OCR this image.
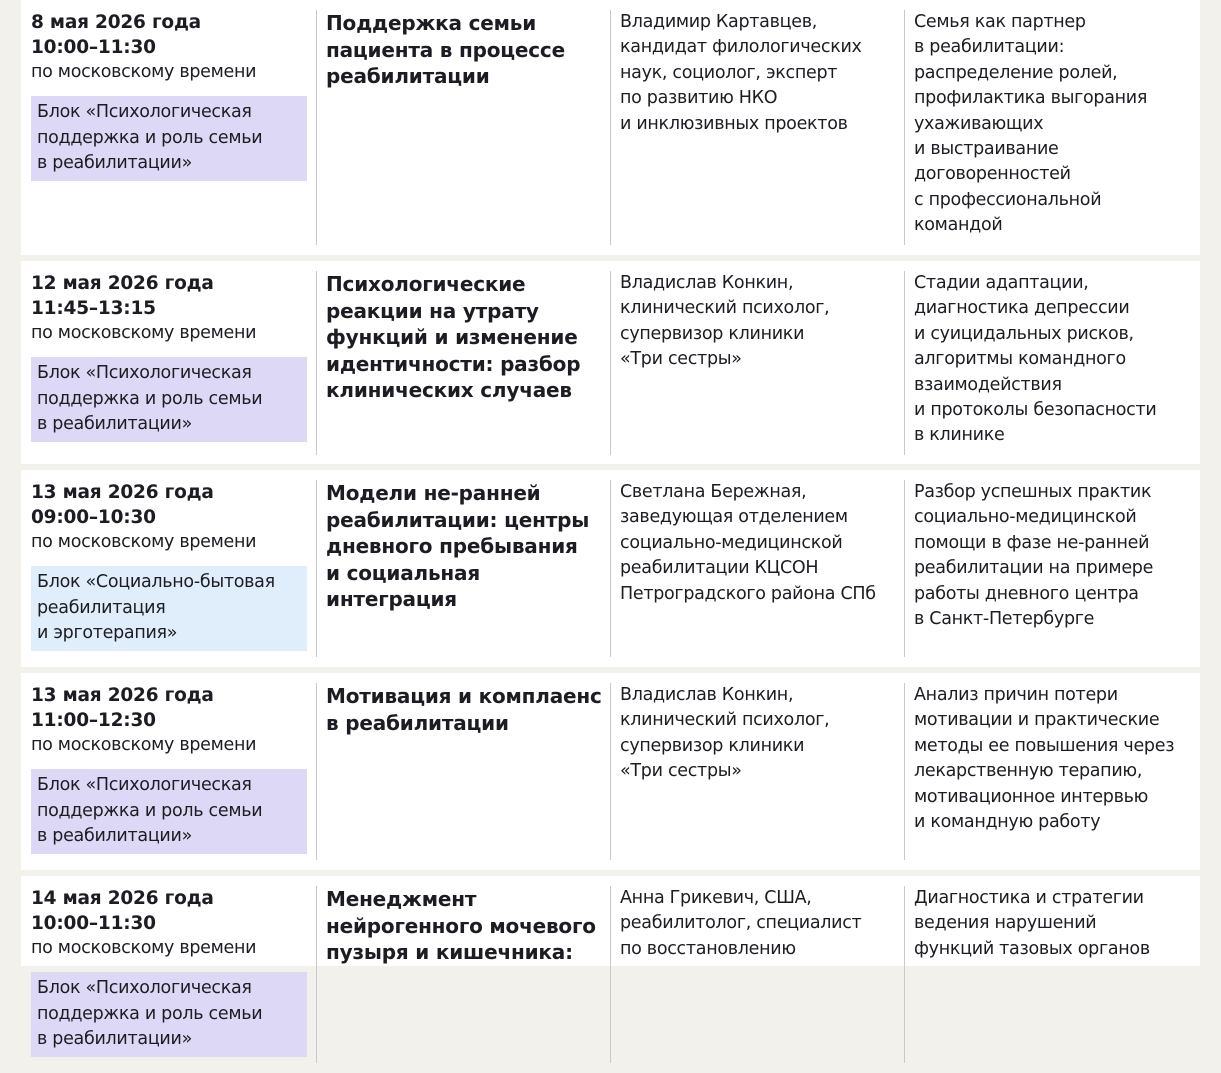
8 мая 2026 года
10:00–11:30
по московскому времени
Блок «Психологическая
поддержка и роль семьи
в реабилитации»
Поддержка семьи
пациента в процессе
реабилитации
Владимир Картавцев,
кандидат филологических
наук, социолог, эксперт
по развитию НКО
и инклюзивных проектов
Семья как партнер
в реабилитации:
распределение ролей,
профилактика выгорания
ухаживающих
и выстраивание
договоренностей
с профессиональной
командой
12 мая 2026 года
11:45–13:15
по московскому времени
Блок «Психологическая
поддержка и роль семьи
в реабилитации»
Психологические
реакции на утрату
функций и изменение
идентичности: разбор
клинических случаев
Владислав Конкин,
клинический психолог,
супервизор клиники
«Три сестры»
Стадии адаптации,
диагностика депрессии
и суицидальных рисков,
алгоритмы командного
взаимодействия
и протоколы безопасности
в клинике
13 мая 2026 года
09:00–10:30
по московскому времени
Блок «Социально-бытовая
реабилитация
и эрготерапия»
Модели не-ранней
реабилитации: центры
дневного пребывания
и социальная
интеграция
Светлана Бережная,
заведующая отделением
социально-медицинской
реабилитации КЦСОН
Петроградского района СПб
Разбор успешных практик
социально-медицинской
помощи в фазе не-ранней
реабилитации на примере
работы дневного центра
в Санкт-Петербурге
13 мая 2026 года
11:00–12:30
по московскому времени
Блок «Психологическая
поддержка и роль семьи
в реабилитации»
Мотивация и комплаенс
в реабилитации
Владислав Конкин,
клинический психолог,
супервизор клиники
«Три сестры»
Анализ причин потери
мотивации и практические
методы ее повышения через
лекарственную терапию,
мотивационное интервью
и командную работу
14 мая 2026 года
10:00–11:30
по московскому времени
Блок «Психологическая
поддержка и роль семьи
в реабилитации»
Менеджмент
нейрогенного мочевого
пузыря и кишечника:
Анна Грикевич, США,
реабилитолог, специалист
по восстановлению
Диагностика и стратегии
ведения нарушений
функций тазовых органов
